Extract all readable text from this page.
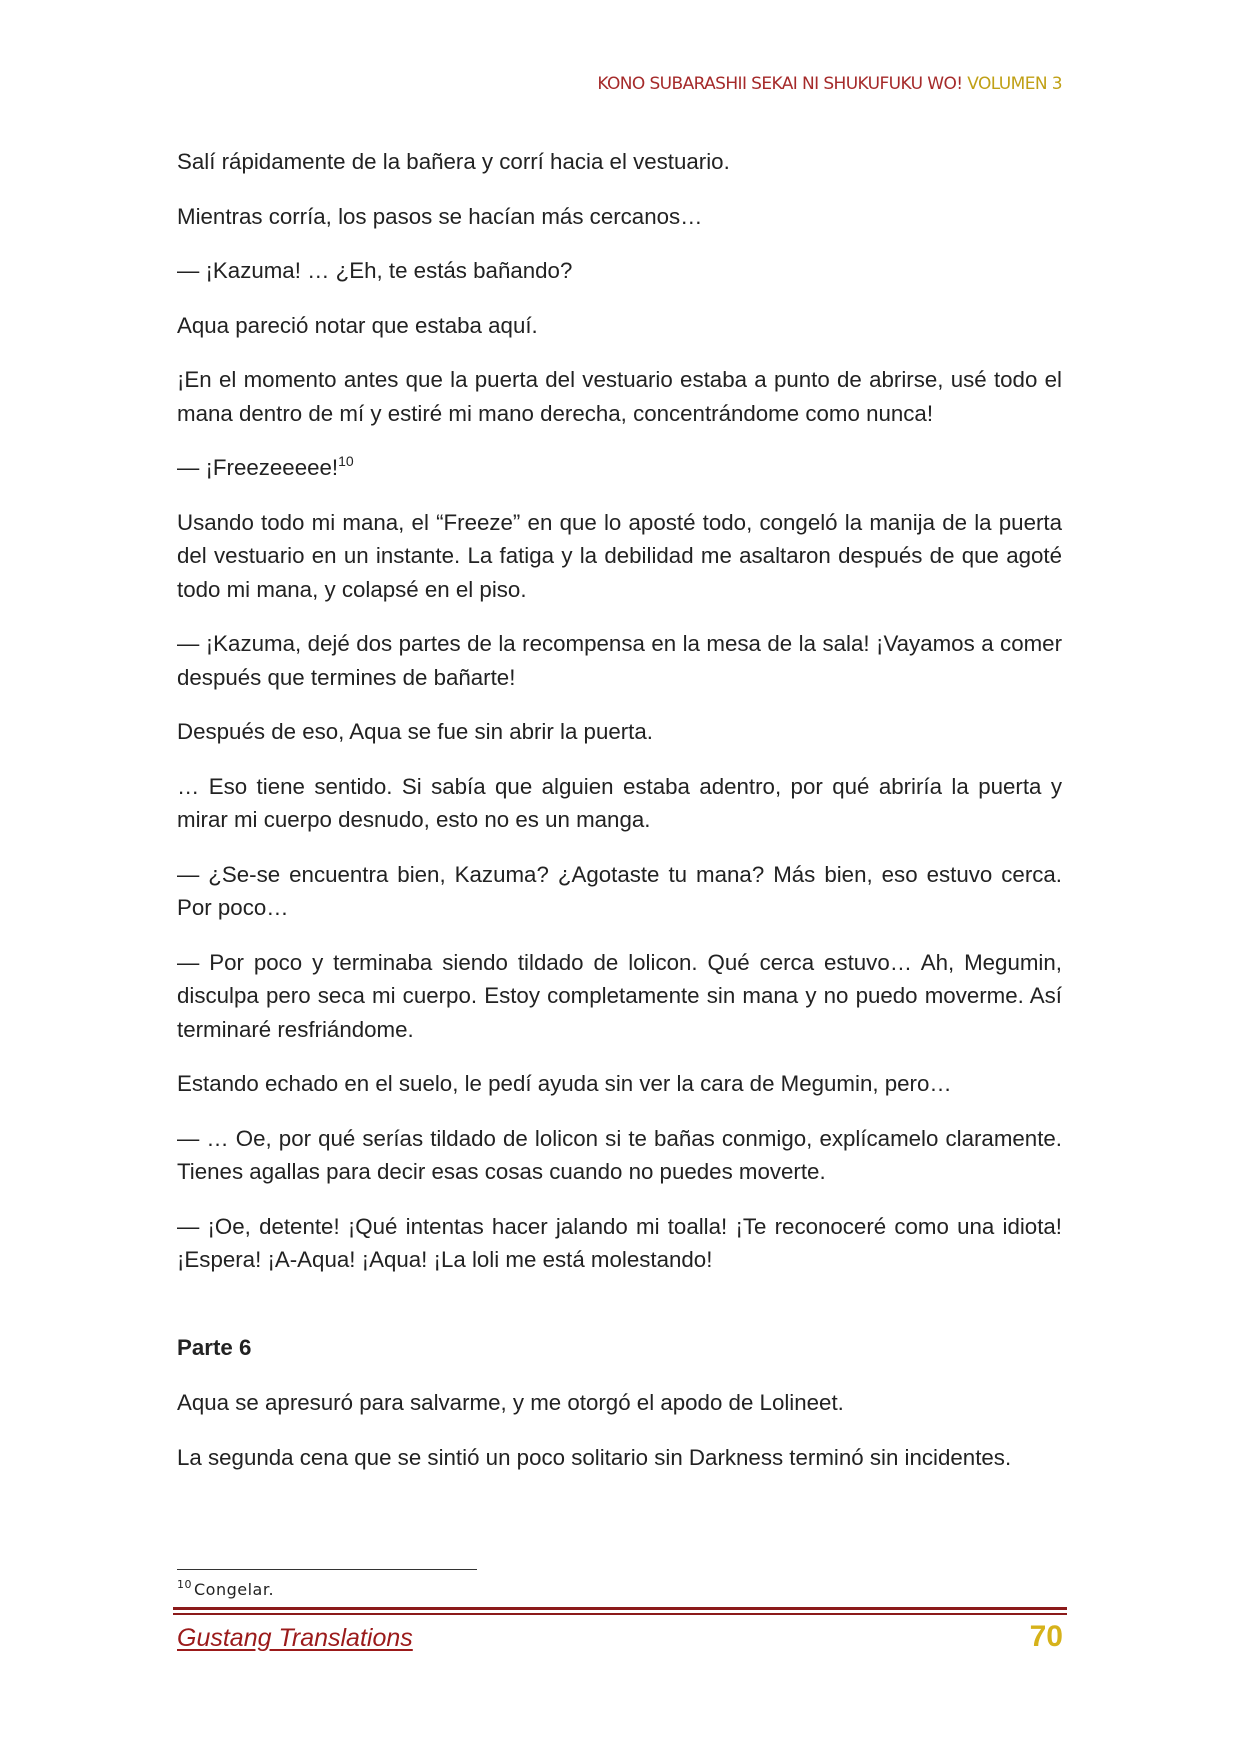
KONO SUBARASHII SEKAI NI SHUKUFUKU WO! VOLUMEN 3

Salí rápidamente de la bañera y corrí hacia el vestuario.

Mientras corría, los pasos se hacían más cercanos…

— ¡Kazuma! … ¿Eh, te estás bañando?

Aqua pareció notar que estaba aquí.

¡En el momento antes que la puerta del vestuario estaba a punto de abrirse, usé todo el mana dentro de mí y estiré mi mano derecha, concentrándome como nunca!

— ¡Freezeeeee!$^{10}$

Usando todo mi mana, el “Freeze” en que lo aposté todo, congeló la manija de la puerta del vestuario en un instante. La fatiga y la debilidad me asaltaron después de que agoté todo mi mana, y colapsé en el piso.

— ¡Kazuma, dejé dos partes de la recompensa en la mesa de la sala! ¡Vayamos a comer después que termines de bañarte!

Después de eso, Aqua se fue sin abrir la puerta.

… Eso tiene sentido. Si sabía que alguien estaba adentro, por qué abriría la puerta y mirar mi cuerpo desnudo, esto no es un manga.

— ¿Se-se encuentra bien, Kazuma? ¿Agotaste tu mana? Más bien, eso estuvo cerca. Por poco…

— Por poco y terminaba siendo tildado de lolicon. Qué cerca estuvo… Ah, Megumin, disculpa pero seca mi cuerpo. Estoy completamente sin mana y no puedo moverme. Así terminaré resfriándome.

Estando echado en el suelo, le pedí ayuda sin ver la cara de Megumin, pero…

— … Oe, por qué serías tildado de lolicon si te bañas conmigo, explícamelo claramente. Tienes agallas para decir esas cosas cuando no puedes moverte.

— ¡Oe, detente! ¡Qué intentas hacer jalando mi toalla! ¡Te reconoceré como una idiota! ¡Espera! ¡A-Aqua! ¡Aqua! ¡La loli me está molestando!

Parte 6

Aqua se apresuró para salvarme, y me otorgó el apodo de Lolineet.

La segunda cena que se sintió un poco solitario sin Darkness terminó sin incidentes.

$^{10}$ Congelar.
Gustang Translations	70
